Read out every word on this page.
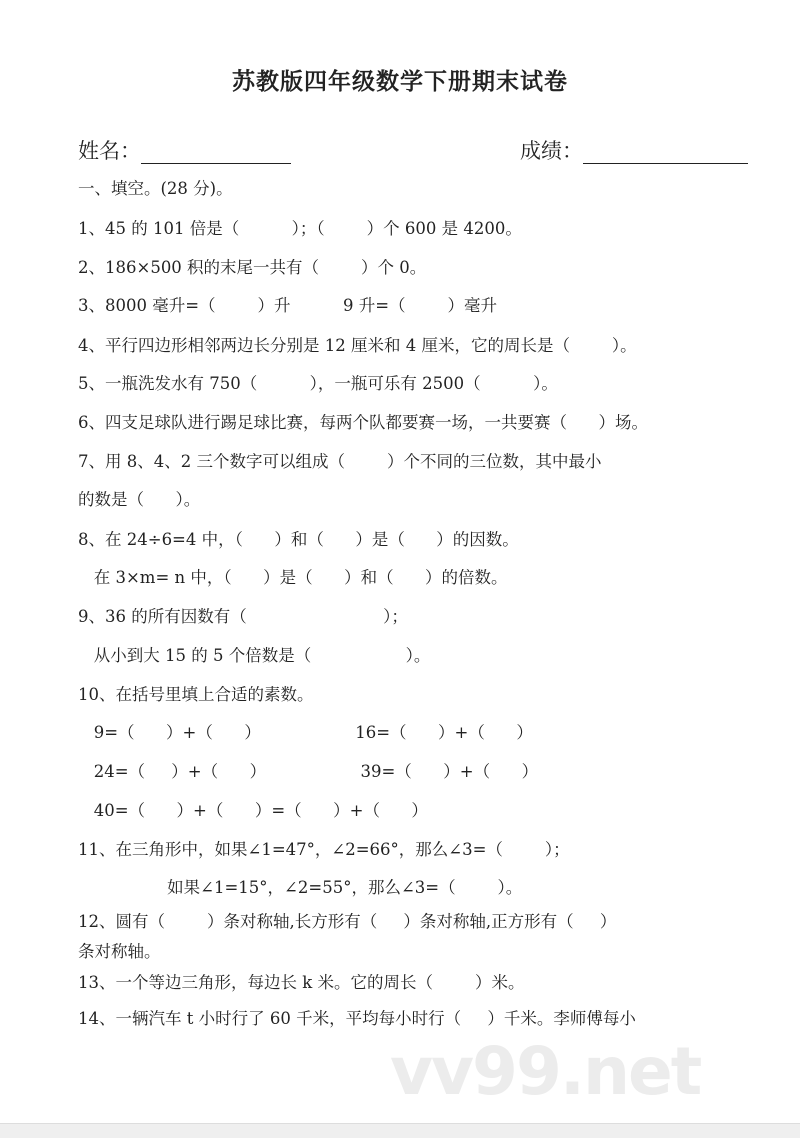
苏教版四年级数学下册期末试卷
姓名：	成绩：
一、填空。(28 分)。
1、45 的 101 倍是（          ）；（        ）个 600 是 4200。
2、186×500 积的末尾一共有（        ）个 0。
3、8000 毫升=（        ）升          9 升=（        ）毫升
4、平行四边形相邻两边长分别是 12 厘米和 4 厘米，它的周长是（        ）。
5、一瓶洗发水有 750（          ），一瓶可乐有 2500（          ）。
6、四支足球队进行踢足球比赛，每两个队都要赛一场，一共要赛（      ）场。
7、用 8、4、2 三个数字可以组成（        ）个不同的三位数，其中最小
的数是（      ）。
8、在 24÷6=4 中，（      ）和（      ）是（      ）的因数。
在 3×m= n 中，（      ）是（      ）和（      ）的倍数。
9、36 的所有因数有（                          ）；
从小到大 15 的 5 个倍数是（                  ）。
10、在括号里填上合适的素数。
9=（      ）+（      ）                  16=（      ）+（      ）
24=（     ）+（      ）                  39=（      ）+（      ）
40=（      ）+（      ）=（      ）+（      ）
11、在三角形中，如果∠1=47°，∠2=66°，那么∠3=（        ）；
如果∠1=15°，∠2=55°，那么∠3=（        ）。
12、圆有（        ）条对称轴,长方形有（     ）条对称轴,正方形有（     ）
条对称轴。
13、一个等边三角形，每边长 k 米。它的周长（        ）米。
14、一辆汽车 t 小时行了 60 千米，平均每小时行（     ）千米。李师傅每小
vv99.net
